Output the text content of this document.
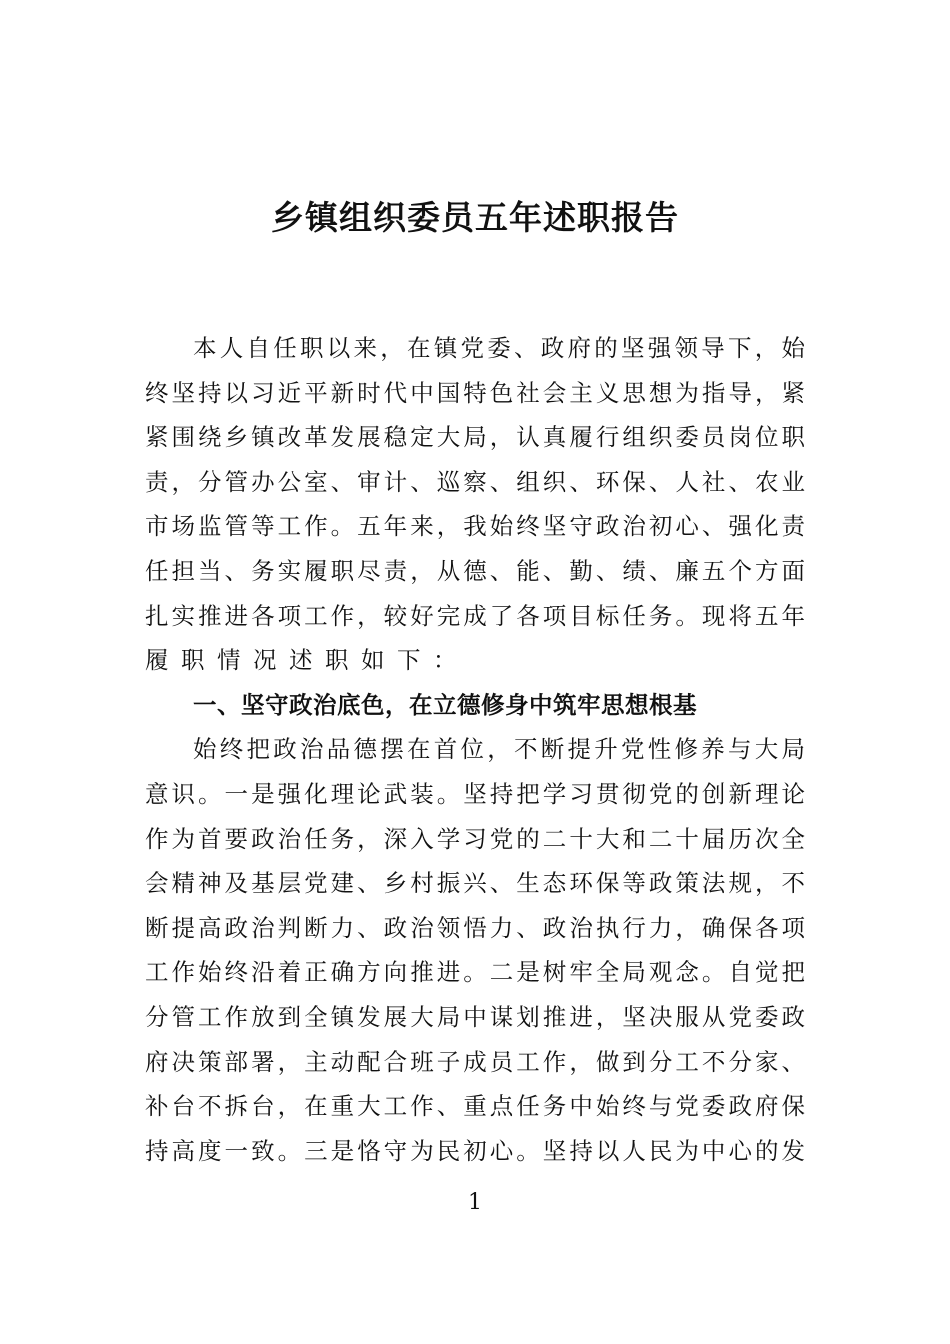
乡镇组织委员五年述职报告
本人自任职以来，在镇党委、政府的坚强领导下，始
终坚持以习近平新时代中国特色社会主义思想为指导，紧
紧围绕乡镇改革发展稳定大局，认真履行组织委员岗位职
责，分管办公室、审计、巡察、组织、环保、人社、农业
市场监管等工作。五年来，我始终坚守政治初心、强化责
任担当、务实履职尽责，从德、能、勤、绩、廉五个方面
扎实推进各项工作，较好完成了各项目标任务。现将五年
履职情况述职如下：
一、坚守政治底色，在立德修身中筑牢思想根基
始终把政治品德摆在首位，不断提升党性修养与大局
意识。一是强化理论武装。坚持把学习贯彻党的创新理论
作为首要政治任务，深入学习党的二十大和二十届历次全
会精神及基层党建、乡村振兴、生态环保等政策法规，不
断提高政治判断力、政治领悟力、政治执行力，确保各项
工作始终沿着正确方向推进。二是树牢全局观念。自觉把
分管工作放到全镇发展大局中谋划推进，坚决服从党委政
府决策部署，主动配合班子成员工作，做到分工不分家、
补台不拆台，在重大工作、重点任务中始终与党委政府保
持高度一致。三是恪守为民初心。坚持以人民为中心的发
1
